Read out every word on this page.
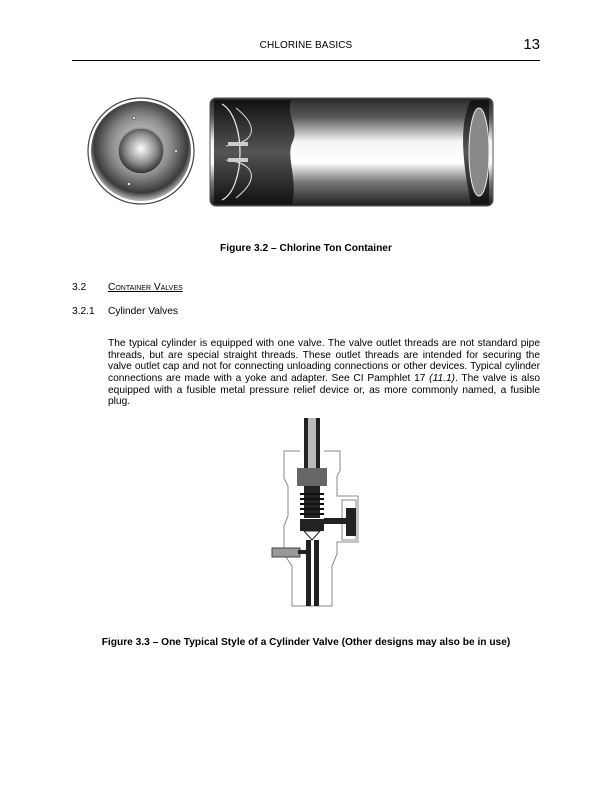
CHLORINE BASICS	13
Figure 3.2 – Chlorine Ton Container
3.2 Container Valves
3.2.1 Cylinder Valves

The typical cylinder is equipped with one valve. The valve outlet threads are not standard pipe threads, but are special straight threads. These outlet threads are intended for securing the valve outlet cap and not for connecting unloading connections or other devices. Typical cylinder connections are made with a yoke and adapter. See CI Pamphlet 17 (11.1). The valve is also equipped with a fusible metal pressure relief device or, as more commonly named, a fusible plug.

Figure 3.3 – One Typical Style of a Cylinder Valve (Other designs may also be in use)
